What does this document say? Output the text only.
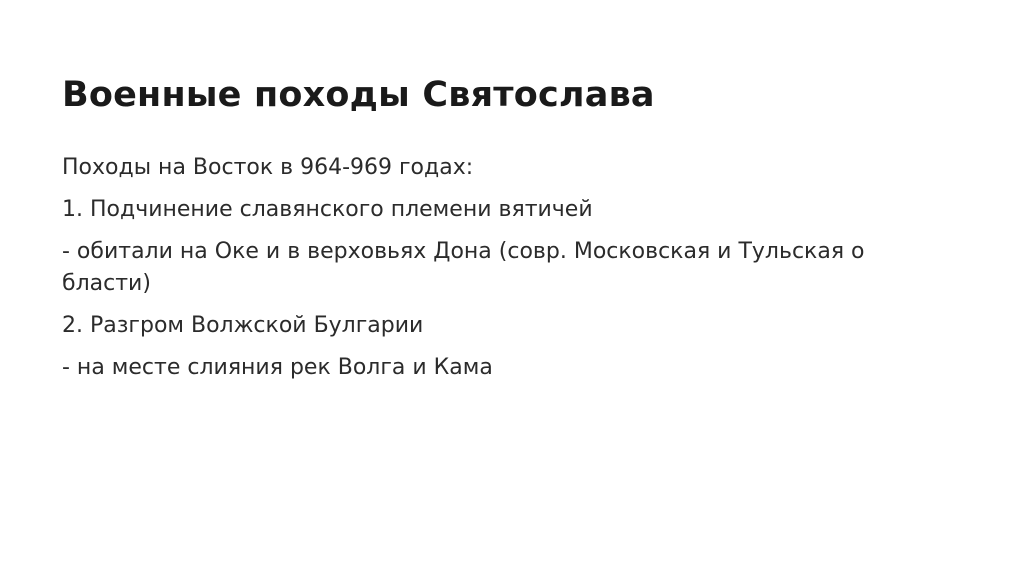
Военные походы Святослава

Походы на Восток в 964-969 годах:

1. Подчинение славянского племени вятичей

- обитали на Оке и в верховьях Дона (совр. Московская и Тульская о бласти)

2. Разгром Волжской Булгарии

- на месте слияния рек Волга и Кама
